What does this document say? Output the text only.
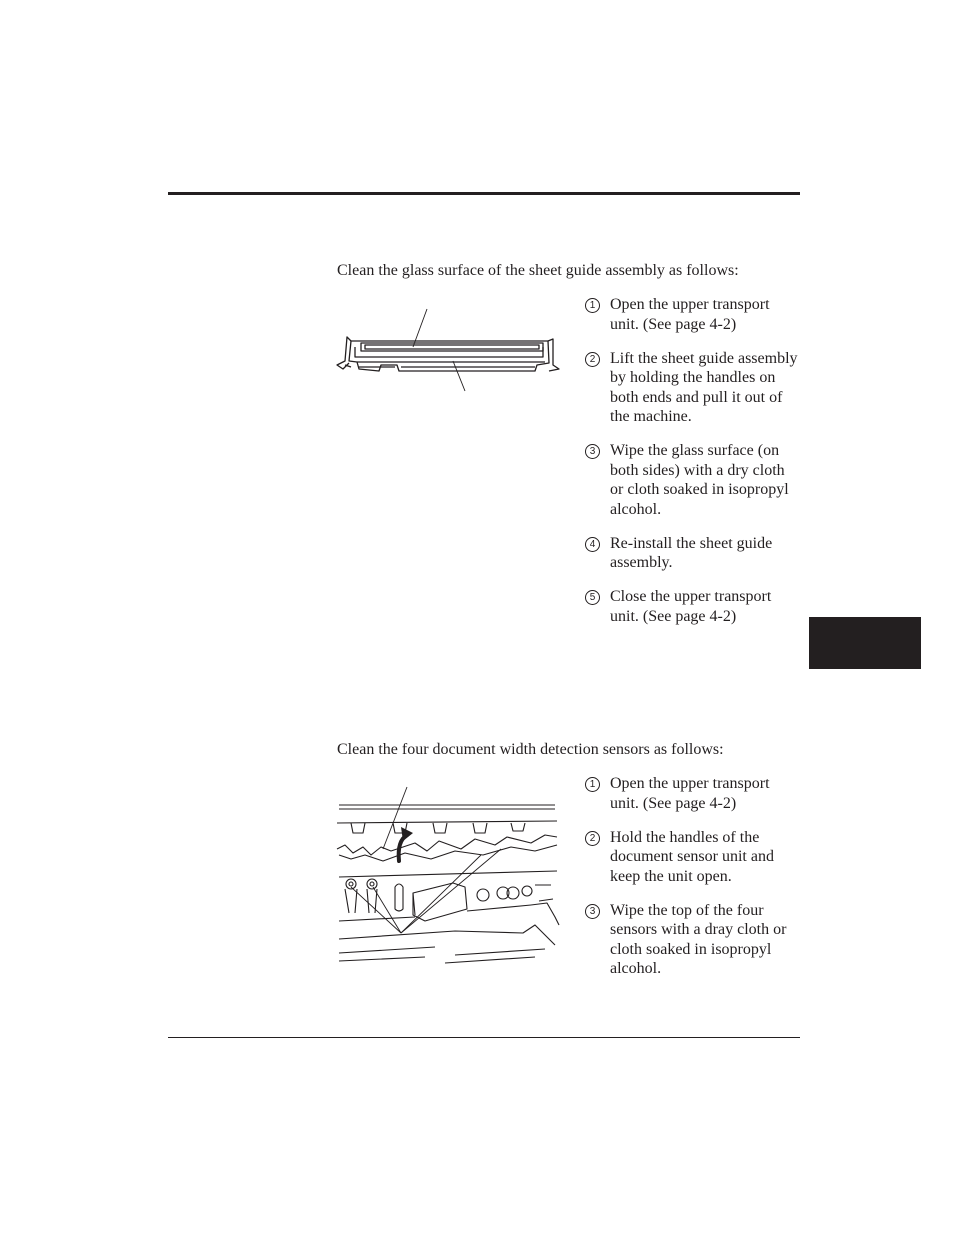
Clean the glass surface of the sheet guide assembly as follows:

1 Open the upper transport unit. (See page 4-2)
2 Lift the sheet guide assembly by holding the handles on both ends and pull it out of the machine.
3 Wipe the glass surface (on both sides) with a dry cloth or cloth soaked in isopropyl alcohol.
4 Re-install the sheet guide assembly.
5 Close the upper transport unit. (See page 4-2)

Clean the four document width detection sensors as follows:

1 Open the upper transport unit. (See page 4-2)
2 Hold the handles of the document sensor unit and keep the unit open.
3 Wipe the top of the four sensors with a dray cloth or cloth soaked in isopropyl alcohol.
